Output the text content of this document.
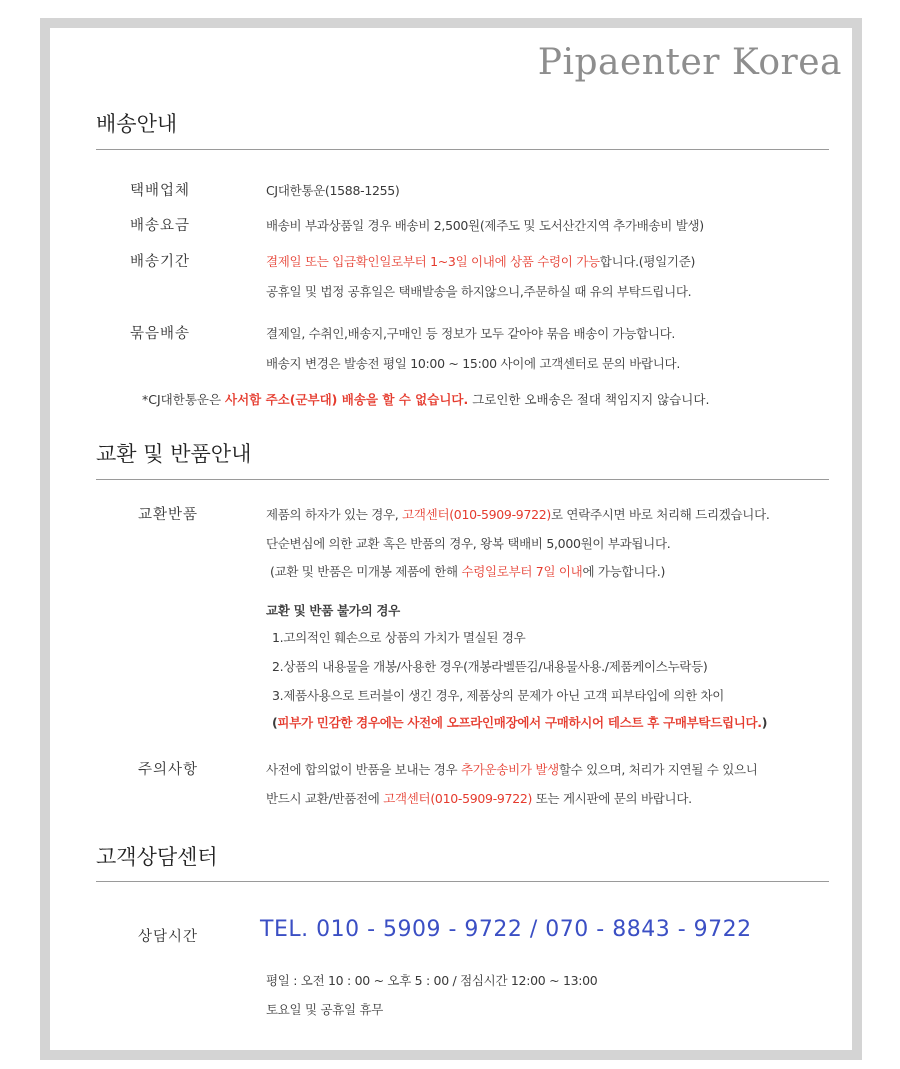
Pipaenter Korea
배송안내
택배업체	CJ대한통운(1588-1255)
배송요금	배송비 부과상품일 경우 배송비 2,500원(제주도 및 도서산간지역 추가배송비 발생)
배송기간	결제일 또는 입금확인일로부터 1~3일 이내에 상품 수령이 가능합니다.(평일기준)
공휴일 및 법정 공휴일은 택배발송을 하지않으니,주문하실 때 유의 부탁드립니다.
묶음배송	결제일, 수취인,배송지,구매인 등 정보가 모두 같아야 묶음 배송이 가능합니다.
배송지 변경은 발송전 평일 10:00 ~ 15:00 사이에 고객센터로 문의 바랍니다.
*CJ대한통운은 사서함 주소(군부대) 배송을 할 수 없습니다. 그로인한 오배송은 절대 책임지지 않습니다.
교환 및 반품안내
교환반품	제품의 하자가 있는 경우, 고객센터(010-5909-9722)로 연락주시면 바로 처리해 드리겠습니다.
단순변심에 의한 교환 혹은 반품의 경우, 왕복 택배비 5,000원이 부과됩니다.
(교환 및 반품은 미개봉 제품에 한해 수령일로부터 7일 이내에 가능합니다.)
교환 및 반품 불가의 경우
1.고의적인 훼손으로 상품의 가치가 멸실된 경우
2.상품의 내용물을 개봉/사용한 경우(개봉라벨뜯김/내용물사용./제품케이스누락등)
3.제품사용으로 트러블이 생긴 경우, 제품상의 문제가 아닌 고객 피부타입에 의한 차이
(피부가 민감한 경우에는 사전에 오프라인매장에서 구매하시어 테스트 후 구매부탁드립니다.)
주의사항	사전에 합의없이 반품을 보내는 경우 추가운송비가 발생할수 있으며, 처리가 지연될 수 있으니
반드시 교환/반품전에 고객센터(010-5909-9722) 또는 게시판에 문의 바랍니다.
고객상담센터
상담시간	TEL. 010 - 5909 - 9722 / 070 - 8843 - 9722
평일 : 오전 10 : 00 ~ 오후 5 : 00 / 점심시간 12:00 ~ 13:00
토요일 및 공휴일 휴무
